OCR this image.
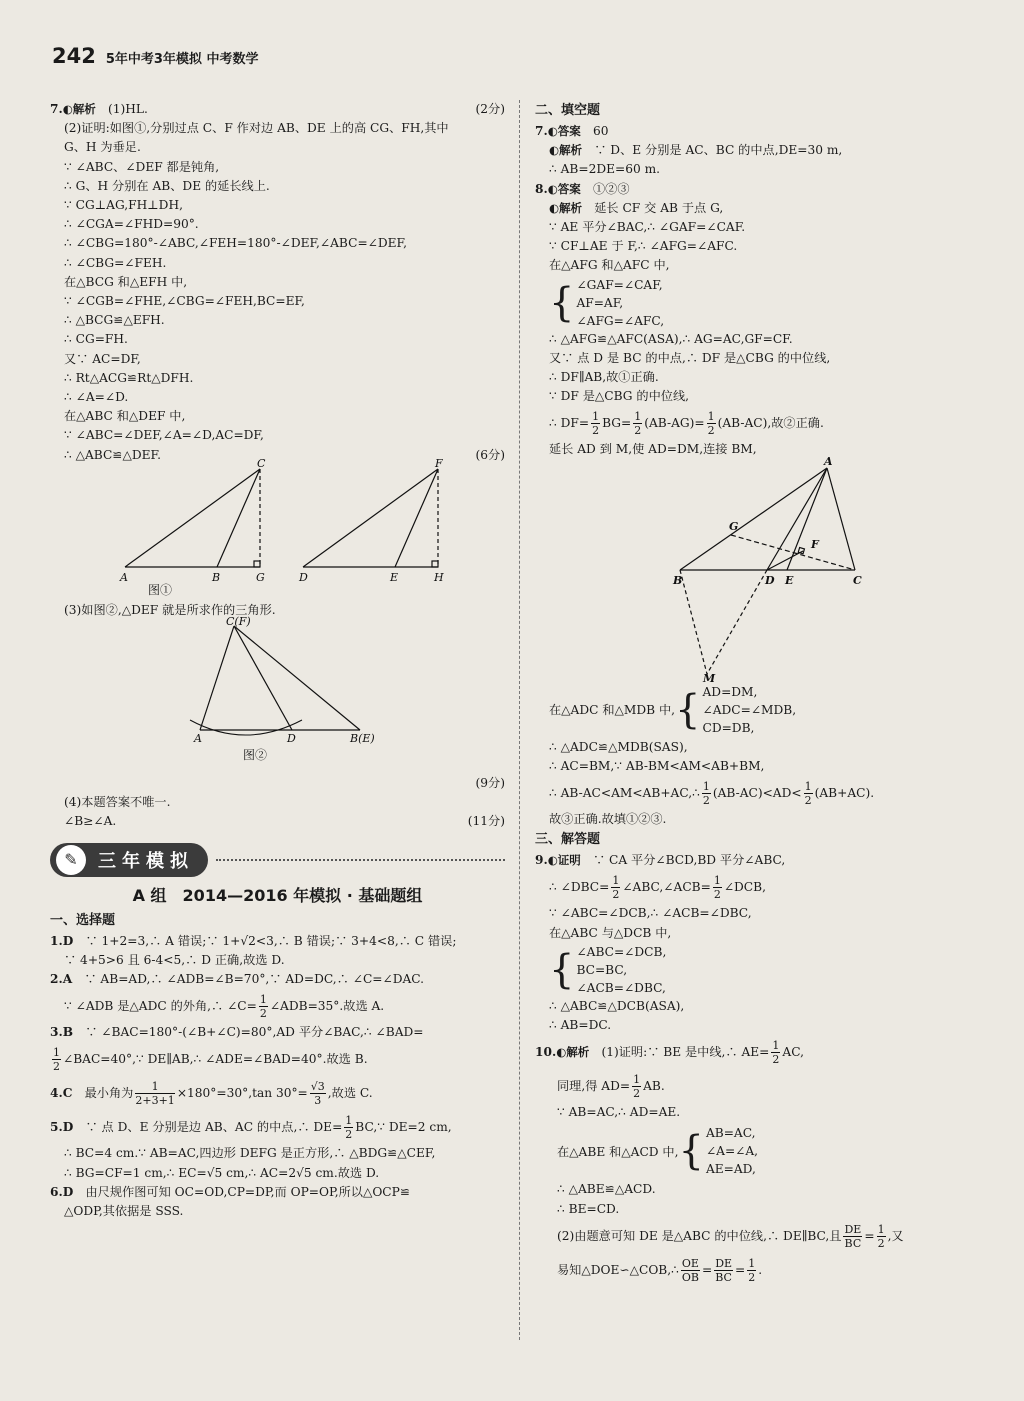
242 5年中考3年模拟 中考数学
7.◐解析　 (1)HL.	(2分)
(2)证明:如图①,分别过点 C、F 作对边 AB、DE 上的高 CG、FH,其中
G、H 为垂足.
∵ ∠ABC、∠DEF 都是钝角,
∴ G、H 分别在 AB、DE 的延长线上.
∵ CG⊥AG,FH⊥DH,
∴ ∠CGA=∠FHD=90°.
∴ ∠CBG=180°-∠ABC,∠FEH=180°-∠DEF,∠ABC=∠DEF,
∴ ∠CBG=∠FEH.
在△BCG 和△EFH 中,
∵ ∠CGB=∠FHE,∠CBG=∠FEH,BC=EF,
∴ △BCG≌△EFH.
∴ CG=FH.
又∵ AC=DF,
∴ Rt△ACG≌Rt△DFH.
∴ ∠A=∠D.
在△ABC 和△DEF 中,
∵ ∠ABC=∠DEF,∠A=∠D,AC=DF,
∴ △ABC≌△DEF.	(6分)
C	F
A	B	G	D	E	H
图①
(3)如图②,△DEF 就是所求作的三角形.
C(F)
A	D	B(E)
图②
(9分)
(4)本题答案不唯一.
∠B≥∠A.	(11分)
✎	三年模拟
A 组　2014—2016 年模拟 · 基础题组
一、选择题
1.D　 ∵ 1+2=3,∴ A 错误;∵ 1+√2<3,∴ B 错误;∵ 3+4<8,∴ C 错误;
∵ 4+5>6 且 6-4<5,∴ D 正确,故选 D.
2.A　 ∵ AB=AD,∴ ∠ADB=∠B=70°,∵ AD=DC,∴ ∠C=∠DAC.
∵ ∠ADB 是△ADC 的外角,∴ ∠C= $\frac{1}{2}$ ∠ADB=35°.故选 A.
3.B　 ∵ ∠BAC=180°-(∠B+∠C)=80°,AD 平分∠BAC,∴ ∠BAD=
$\frac{1}{2}$ ∠BAC=40°,∵ DE∥AB,∴ ∠ADE=∠BAD=40°.故选 B.
4.C　 最小角为 $\frac{1}{2+3+1} \times 180^\circ=30^\circ,\tan$ $30^\circ= \frac{√3}{3}$ ,故选 C.
5.D　 ∵ 点 D、E 分别是边 AB、AC 的中点,∴ $DE= \frac{1}{2}$ BC,∵ DE=2 cm,
∴ BC=4 cm.∵ AB=AC,四边形 DEFG 是正方形,∴ △BDG≌△CEF,
∴ BG=CF=1 cm,∴ EC=√5 cm,∴ AC=2√5 cm.故选 D.
6.D　 由尺规作图可知 OC=OD,CP=DP,而 OP=OP,所以△OCP≌
△ODP,其依据是 SSS.
二、填空题
7.◐答案　 60
◐解析　 ∵ D、E 分别是 AC、BC 的中点,DE=30 m,
∴ AB=2DE=60 m.
8.◐答案　 ①②③
◐解析　 延长 CF 交 AB 于点 G,
∵ AE 平分∠BAC,∴ ∠GAF=∠CAF.
∵ CF⊥AE 于 F,∴ ∠AFG=∠AFC.
在△AFG 和△AFC 中,
{ ∠GAF=∠CAF,
AF=AF,
∠AFG=∠AFC,
∴ △AFG≌△AFC(ASA),∴ AG=AC,GF=CF.
又∵ 点 D 是 BC 的中点,∴ DF 是△CBG 的中位线,
∴ DF∥AB,故①正确.
∵ DF 是△CBG 的中位线,
∴ $DF= \frac{1}{2} BG= \frac{1}{2} (AB-AG)= \frac{1}{2} (AB-AC)$,故②正确.
延长 AD 到 M,使 AD=DM,连接 BM,
A
G
F
B	D E	C
M
在△ADC 和△MDB 中, { AD=DM,
∠ADC=∠MDB,
CD=DB,
∴ △ADC≌△MDB(SAS),
∴ AC=BM,∵ AB-BM<AM<AB+BM,
∴ AB-AC<AM<AB+AC,∴ $\frac{1}{2} (AB-AC)<AD< \frac{1}{2} (AB+AC)$.
故③正确.故填①②③.
三、解答题
9.◐证明　 ∵ CA 平分∠BCD,BD 平分∠ABC,
∴ ∠DBC= $\frac{1}{2}$ ∠ABC,∠ACB= $\frac{1}{2}$ ∠DCB,
∵ ∠ABC=∠DCB,∴ ∠ACB=∠DBC,
在△ABC 与△DCB 中,
{ ∠ABC=∠DCB,
BC=BC,
∠ACB=∠DBC,
∴ △ABC≌△DCB(ASA),
∴ AB=DC.
10.◐解析　 (1)证明:∵ BE 是中线,∴ $AE= \frac{1}{2}$ AC,
同理,得 $AD= \frac{1}{2}$ AB.
∵ AB=AC,∴ AD=AE.
在△ABE 和△ACD 中, { AB=AC,
∠A=∠A,
AE=AD,
∴ △ABE≌△ACD.
∴ BE=CD.
(2)由题意可知 DE 是△ABC 的中位线,∴ DE∥BC,且 $\frac{DE}{BC} = \frac{1}{2}$ ,又
易知△DOE∽△COB,∴ $\frac{OE}{OB} = \frac{DE}{BC} = \frac{1}{2}$ .
